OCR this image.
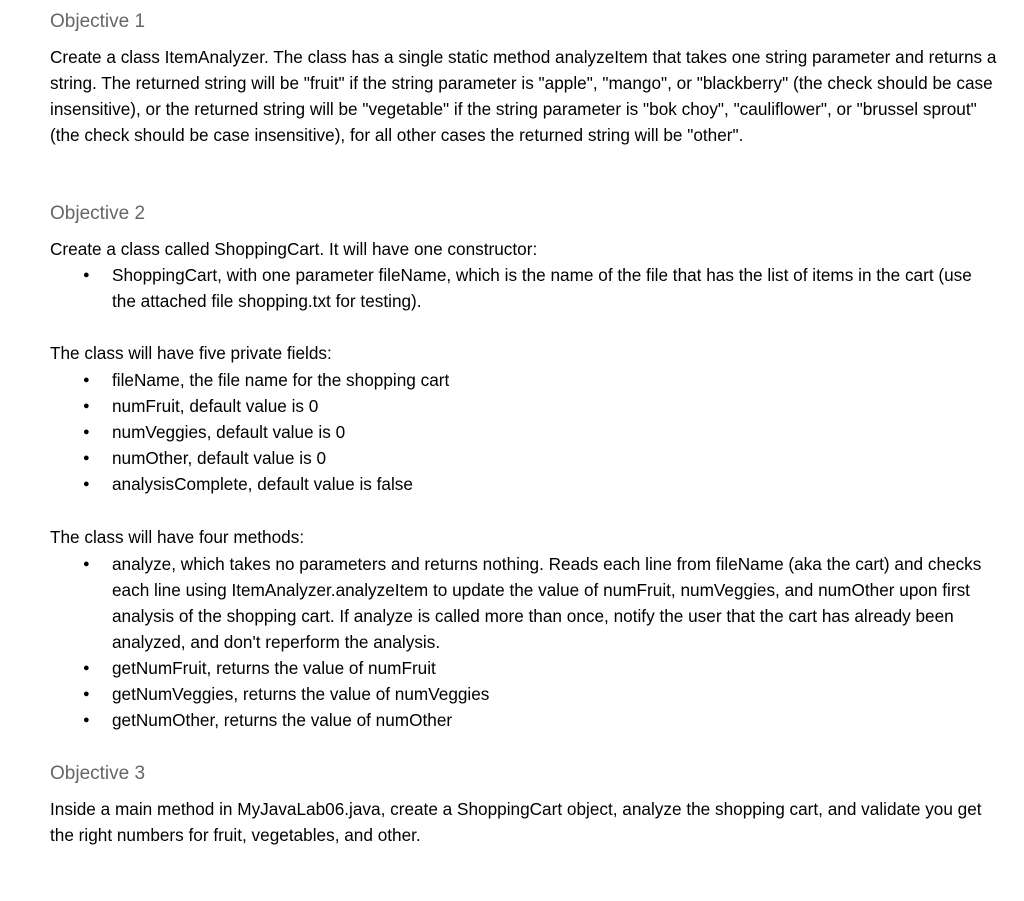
Objective 1

Create a class ItemAnalyzer. The class has a single static method analyzeItem that takes one string parameter and returns a string. The returned string will be "fruit" if the string parameter is "apple", "mango", or "blackberry" (the check should be case insensitive), or the returned string will be "vegetable" if the string parameter is "bok choy", "cauliflower", or "brussel sprout" (the check should be case insensitive), for all other cases the returned string will be "other".

Objective 2

Create a class called ShoppingCart. It will have one constructor:

● ShoppingCart, with one parameter fileName, which is the name of the file that has the list of items in the cart (use the attached file shopping.txt for testing).

The class will have five private fields:

● fileName, the file name for the shopping cart
● numFruit, default value is 0
● numVeggies, default value is 0
● numOther, default value is 0
● analysisComplete, default value is false

The class will have four methods:

● analyze, which takes no parameters and returns nothing. Reads each line from fileName (aka the cart) and checks each line using ItemAnalyzer.analyzeItem to update the value of numFruit, numVeggies, and numOther upon first analysis of the shopping cart. If analyze is called more than once, notify the user that the cart has already been analyzed, and don't reperform the analysis.
● getNumFruit, returns the value of numFruit
● getNumVeggies, returns the value of numVeggies
● getNumOther, returns the value of numOther
Objective 3

Inside a main method in MyJavaLab06.java, create a ShoppingCart object, analyze the shopping cart, and validate you get the right numbers for fruit, vegetables, and other.
